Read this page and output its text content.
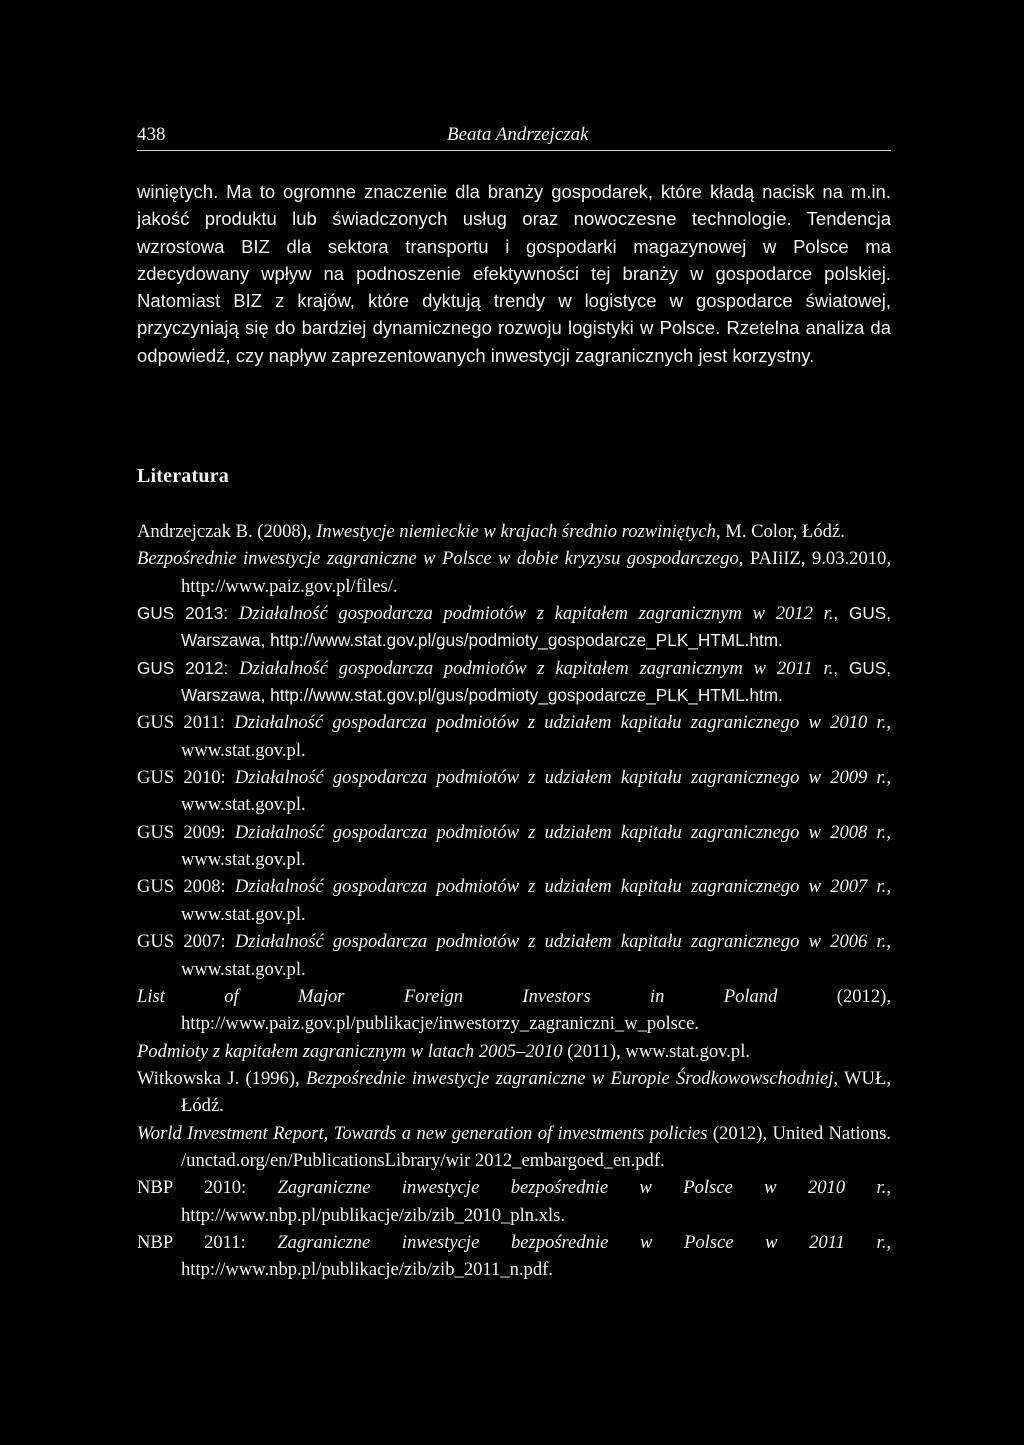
438	Beata Andrzejczak

winiętych. Ma to ogromne znaczenie dla branży gospodarek, które kładą nacisk na m.in. jakość produktu lub świadczonych usług oraz nowoczesne technologie. Tendencja wzrostowa BIZ dla sektora transportu i gospodarki magazynowej w Polsce ma zdecydowany wpływ na podnoszenie efektywności tej branży w gospodarce polskiej. Natomiast BIZ z krajów, które dyktują trendy w logistyce w gospodarce światowej, przyczyniają się do bardziej dynamicznego rozwoju logistyki w Polsce. Rzetelna analiza da odpowiedź, czy napływ zaprezentowanych inwestycji zagranicznych jest korzystny.

Literatura
Andrzejczak B. (2008), Inwestycje niemieckie w krajach średnio rozwiniętych, M. Color, Łódź.
Bezpośrednie inwestycje zagraniczne w Polsce w dobie kryzysu gospodarczego, PAIiIZ, 9.03.2010, http://www.paiz.gov.pl/files/.
GUS 2013: Działalność gospodarcza podmiotów z kapitałem zagranicznym w 2012 r., GUS, Warszawa, http://www.stat.gov.pl/gus/podmioty_gospodarcze_PLK_HTML.htm.
GUS 2012: Działalność gospodarcza podmiotów z kapitałem zagranicznym w 2011 r., GUS, Warszawa, http://www.stat.gov.pl/gus/podmioty_gospodarcze_PLK_HTML.htm.
GUS 2011: Działalność gospodarcza podmiotów z udziałem kapitału zagranicznego w 2010 r., www.stat.gov.pl.
GUS 2010: Działalność gospodarcza podmiotów z udziałem kapitału zagranicznego w 2009 r., www.stat.gov.pl.
GUS 2009: Działalność gospodarcza podmiotów z udziałem kapitału zagranicznego w 2008 r., www.stat.gov.pl.
GUS 2008: Działalność gospodarcza podmiotów z udziałem kapitału zagranicznego w 2007 r., www.stat.gov.pl.
GUS 2007: Działalność gospodarcza podmiotów z udziałem kapitału zagranicznego w 2006 r., www.stat.gov.pl.
List of Major Foreign Investors in Poland (2012), http://www.paiz.gov.pl/publikacje/inwestorzy_zagraniczni_w_polsce.
Podmioty z kapitałem zagranicznym w latach 2005–2010 (2011), www.stat.gov.pl.
Witkowska J. (1996), Bezpośrednie inwestycje zagraniczne w Europie Środkowowschodniej, WUŁ, Łódź.
World Investment Report, Towards a new generation of investments policies (2012), United Nations. /unctad.org/en/PublicationsLibrary/wir 2012_embargoed_en.pdf.
NBP 2010: Zagraniczne inwestycje bezpośrednie w Polsce w 2010 r., http://www.nbp.pl/publikacje/zib/zib_2010_pln.xls.
NBP 2011: Zagraniczne inwestycje bezpośrednie w Polsce w 2011 r., http://www.nbp.pl/publikacje/zib/zib_2011_n.pdf.
